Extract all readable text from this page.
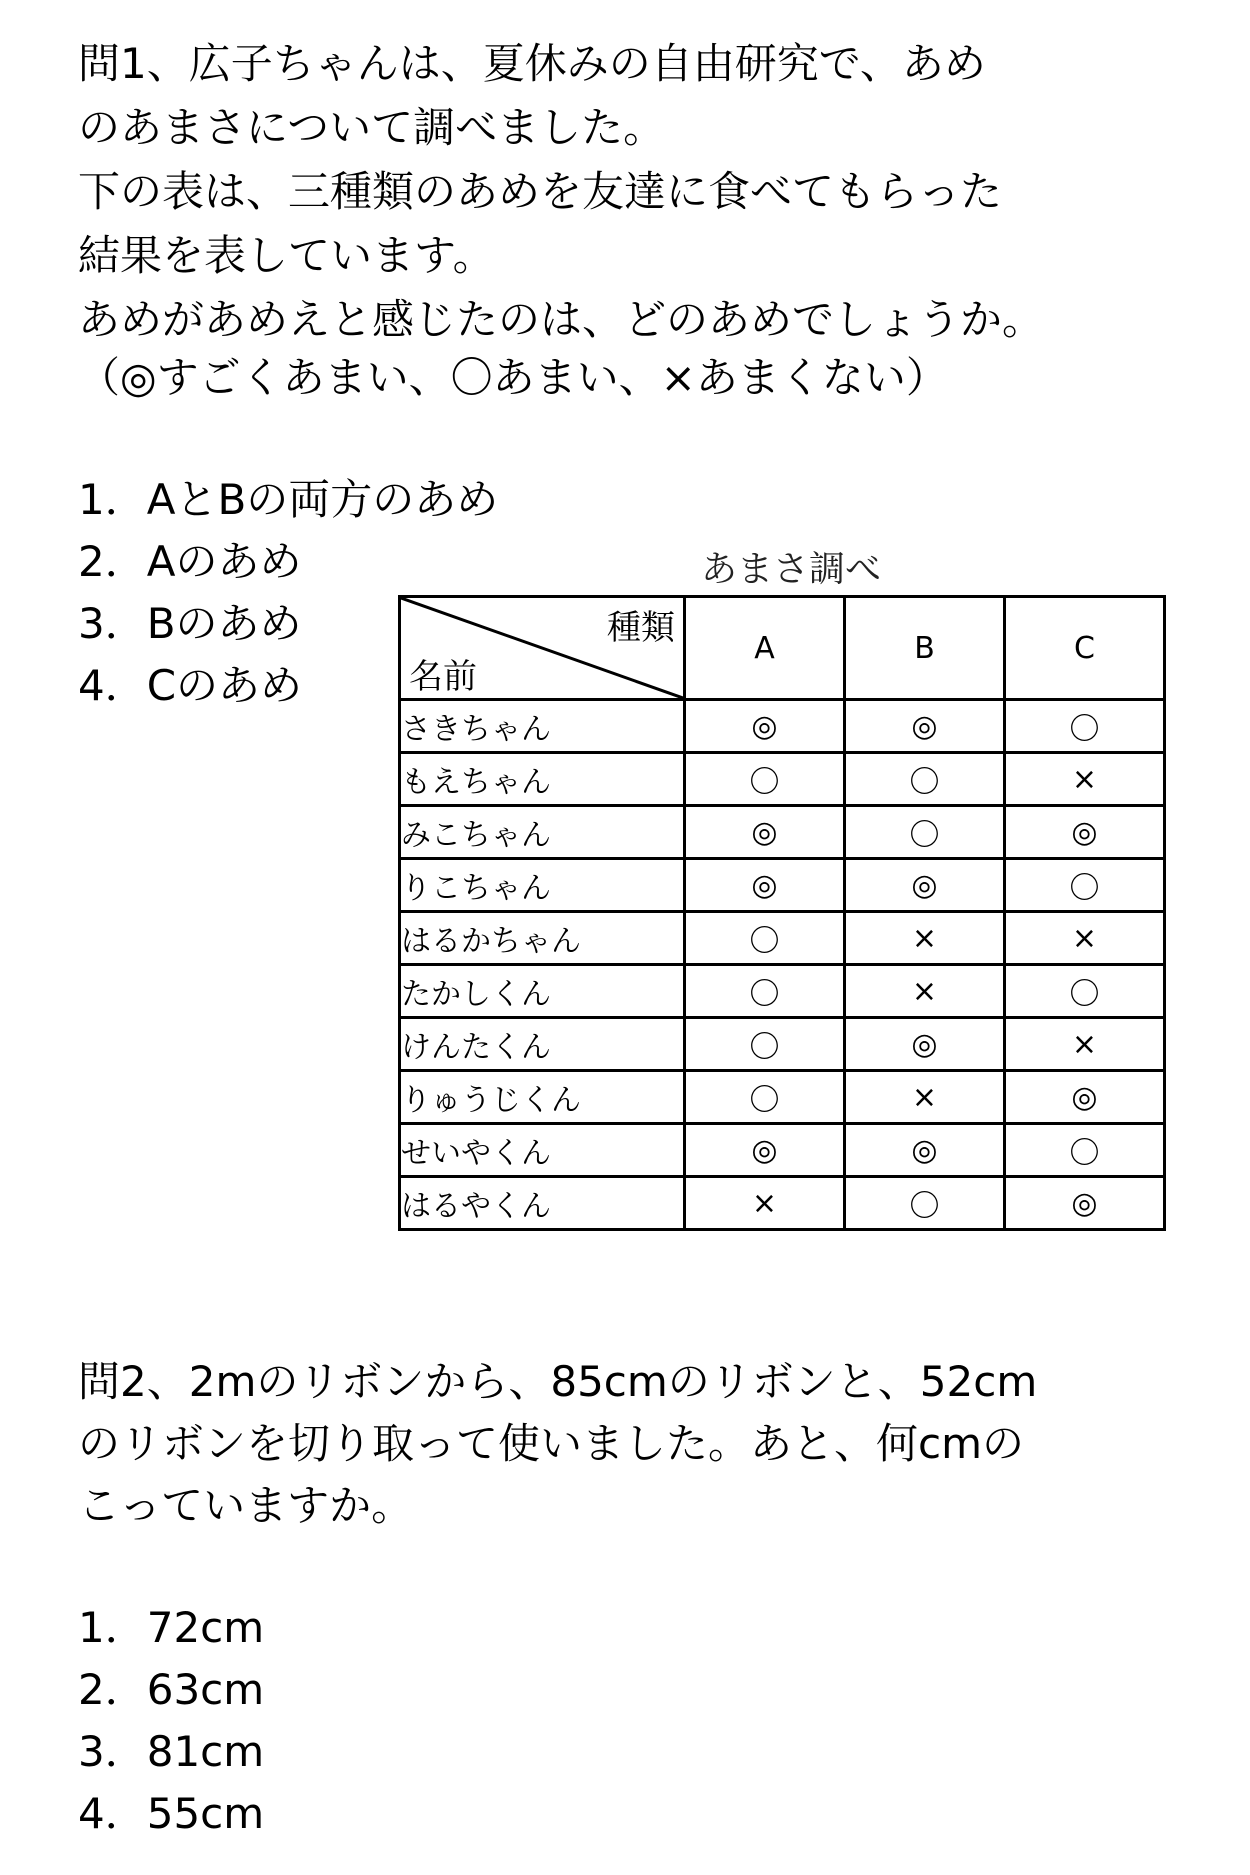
問1、広子ちゃんは、夏休みの自由研究で、あめ
のあまさについて調べました。
下の表は、三種類のあめを友達に食べてもらった
結果を表しています。
あめがあめえと感じたのは、どのあめでしょうか。
（◎すごくあまい、〇あまい、×あまくない）
1．AとBの両方のあめ
2．Aのあめ
3．Bのあめ
4．Cのあめ
あまさ調べ
種類
名前	A	B	C
さきちゃん	◎	◎	〇
もえちゃん	〇	〇	×
みこちゃん	◎	〇	◎
りこちゃん	◎	◎	〇
はるかちゃん	〇	×	×
たかしくん	〇	×	〇
けんたくん	〇	◎	×
りゅうじくん	〇	×	◎
せいやくん	◎	◎	〇
はるやくん	×	〇	◎
問2、2mのリボンから、85cmのリボンと、52cm
のリボンを切り取って使いました。あと、何cmの
こっていますか。
1．72cm
2．63cm
3．81cm
4．55cm
